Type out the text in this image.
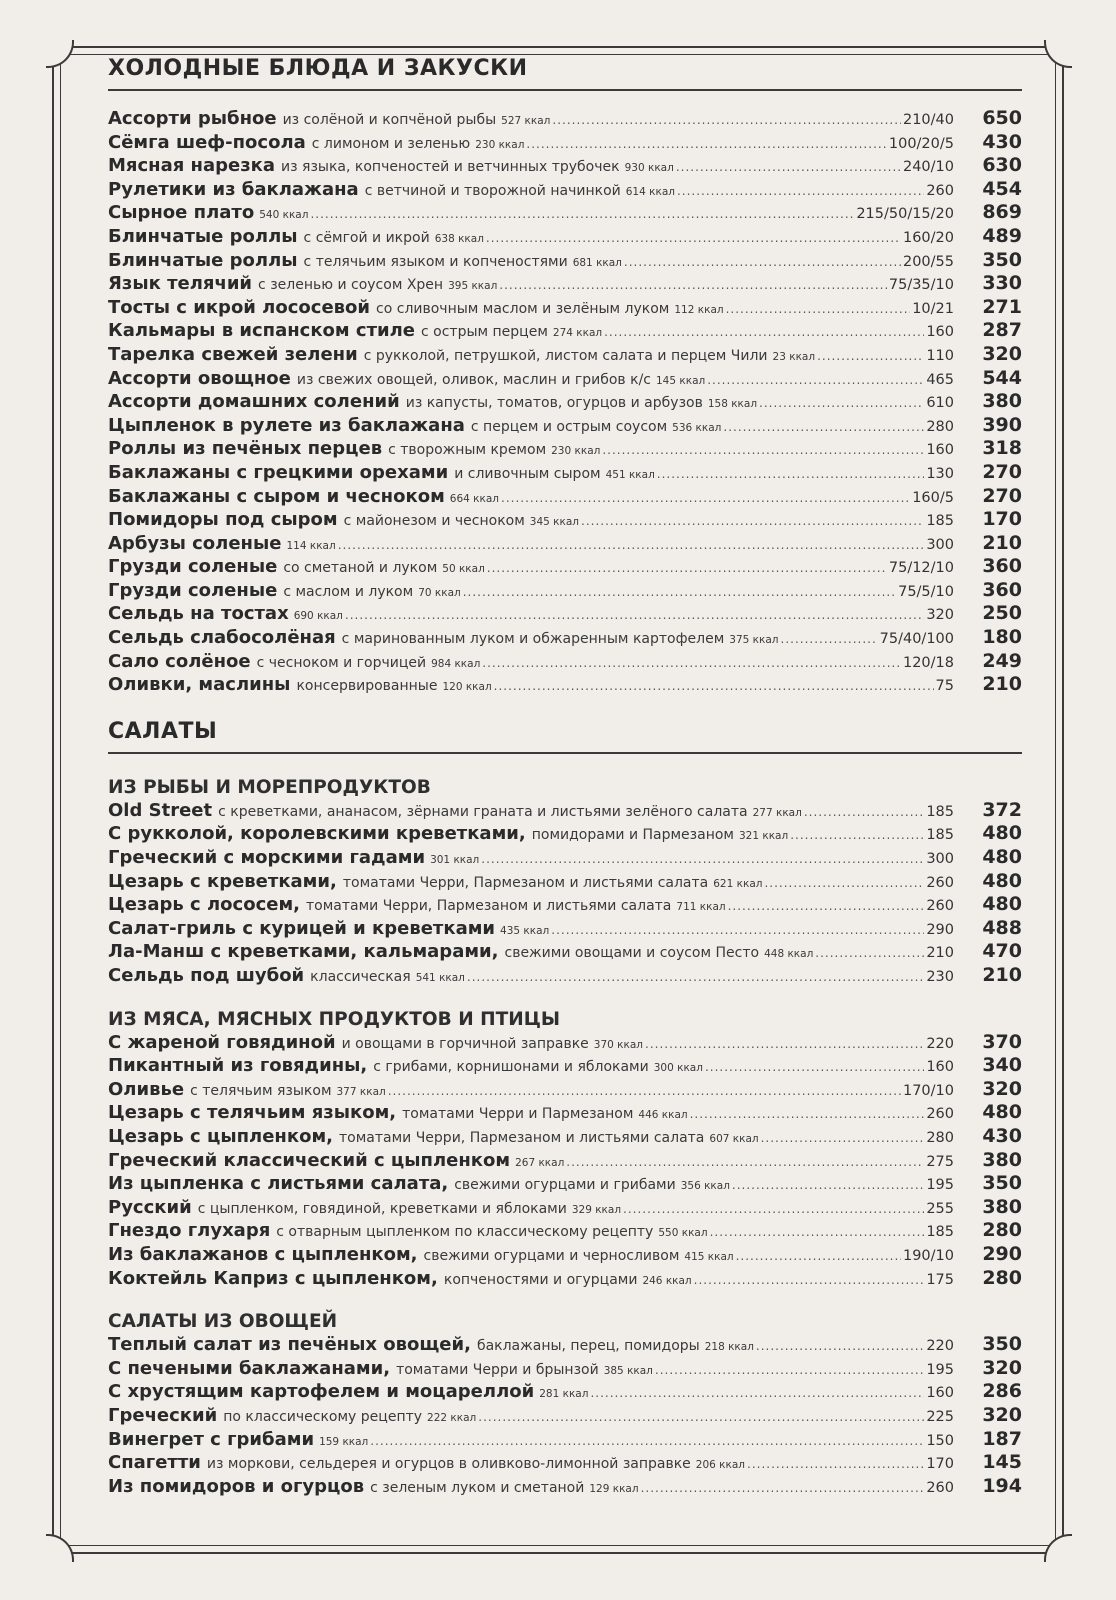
ХОЛОДНЫЕ БЛЮДА И ЗАКУСКИ
Ассорти рыбное из солёной и копчёной рыбы 527 ккал .....	210/40	650
Сёмга шеф-посола с лимоном и зеленью 230 ккал .....	100/20/5	430
Мясная нарезка из языка, копченостей и ветчинных трубочек 930 ккал .....	240/10	630
Рулетики из баклажана с ветчиной и творожной начинкой 614 ккал .....	260	454
Сырное плато 540 ккал .....	215/50/15/20	869
Блинчатые роллы с сёмгой и икрой 638 ккал .....	160/20	489
Блинчатые роллы с телячьим языком и копченостями 681 ккал .....	200/55	350
Язык телячий с зеленью и соусом Хрен 395 ккал .....	75/35/10	330
Тосты с икрой лососевой со сливочным маслом и зелёным луком 112 ккал .....	10/21	271
Кальмары в испанском стиле с острым перцем 274 ккал .....	160	287
Тарелка свежей зелени с рукколой, петрушкой, листом салата и перцем Чили 23 ккал .....	110	320
Ассорти овощное из свежих овощей, оливок, маслин и грибов к/с 145 ккал .....	465	544
Ассорти домашних солений из капусты, томатов, огурцов и арбузов 158 ккал .....	610	380
Цыпленок в рулете из баклажана с перцем и острым соусом 536 ккал .....	280	390
Роллы из печёных перцев с творожным кремом 230 ккал .....	160	318
Баклажаны с грецкими орехами и сливочным сыром 451 ккал .....	130	270
Баклажаны с сыром и чесноком 664 ккал .....	160/5	270
Помидоры под сыром с майонезом и чесноком 345 ккал .....	185	170
Арбузы соленые 114 ккал .....	300	210
Грузди соленые со сметаной и луком 50 ккал .....	75/12/10	360
Грузди соленые с маслом и луком 70 ккал .....	75/5/10	360
Сельдь на тостах 690 ккал .....	320	250
Сельдь слабосолёная с маринованным луком и обжаренным картофелем 375 ккал .....	75/40/100	180
Сало солёное с чесноком и горчицей 984 ккал .....	120/18	249
Оливки, маслины консервированные 120 ккал .....	75	210
САЛАТЫ
ИЗ РЫБЫ И МОРЕПРОДУКТОВ
Old Street с креветками, ананасом, зёрнами граната и листьями зелёного салата 277 ккал .....	185	372
С рукколой, королевскими креветками, помидорами и Пармезаном 321 ккал .....	185	480
Греческий с морскими гадами 301 ккал .....	300	480
Цезарь с креветками, томатами Черри, Пармезаном и листьями салата 621 ккал .....	260	480
Цезарь с лососем, томатами Черри, Пармезаном и листьями салата 711 ккал .....	260	480
Салат-гриль с курицей и креветками 435 ккал .....	290	488
Ла-Манш с креветками, кальмарами, свежими овощами и соусом Песто 448 ккал .....	210	470
Сельдь под шубой классическая 541 ккал .....	230	210
ИЗ МЯСА, МЯСНЫХ ПРОДУКТОВ И ПТИЦЫ
С жареной говядиной и овощами в горчичной заправке 370 ккал .....	220	370
Пикантный из говядины, с грибами, корнишонами и яблоками 300 ккал .....	160	340
Оливье с телячьим языком 377 ккал .....	170/10	320
Цезарь с телячьим языком, томатами Черри и Пармезаном 446 ккал .....	260	480
Цезарь с цыпленком, томатами Черри, Пармезаном и листьями салата 607 ккал .....	280	430
Греческий классический с цыпленком 267 ккал .....	275	380
Из цыпленка с листьями салата, свежими огурцами и грибами 356 ккал .....	195	350
Русский с цыпленком, говядиной, креветками и яблоками 329 ккал .....	255	380
Гнездо глухаря с отварным цыпленком по классическому рецепту 550 ккал .....	185	280
Из баклажанов с цыпленком, свежими огурцами и черносливом 415 ккал .....	190/10	290
Коктейль Каприз с цыпленком, копченостями и огурцами 246 ккал .....	175	280
САЛАТЫ ИЗ ОВОЩЕЙ
Теплый салат из печёных овощей, баклажаны, перец, помидоры 218 ккал .....	220	350
С печеными баклажанами, томатами Черри и брынзой 385 ккал .....	195	320
С хрустящим картофелем и моцареллой 281 ккал .....	160	286
Греческий по классическому рецепту 222 ккал .....	225	320
Винегрет с грибами 159 ккал .....	150	187
Спагетти из моркови, сельдерея и огурцов в оливково-лимонной заправке 206 ккал .....	170	145
Из помидоров и огурцов с зеленым луком и сметаной 129 ккал .....	260	194
